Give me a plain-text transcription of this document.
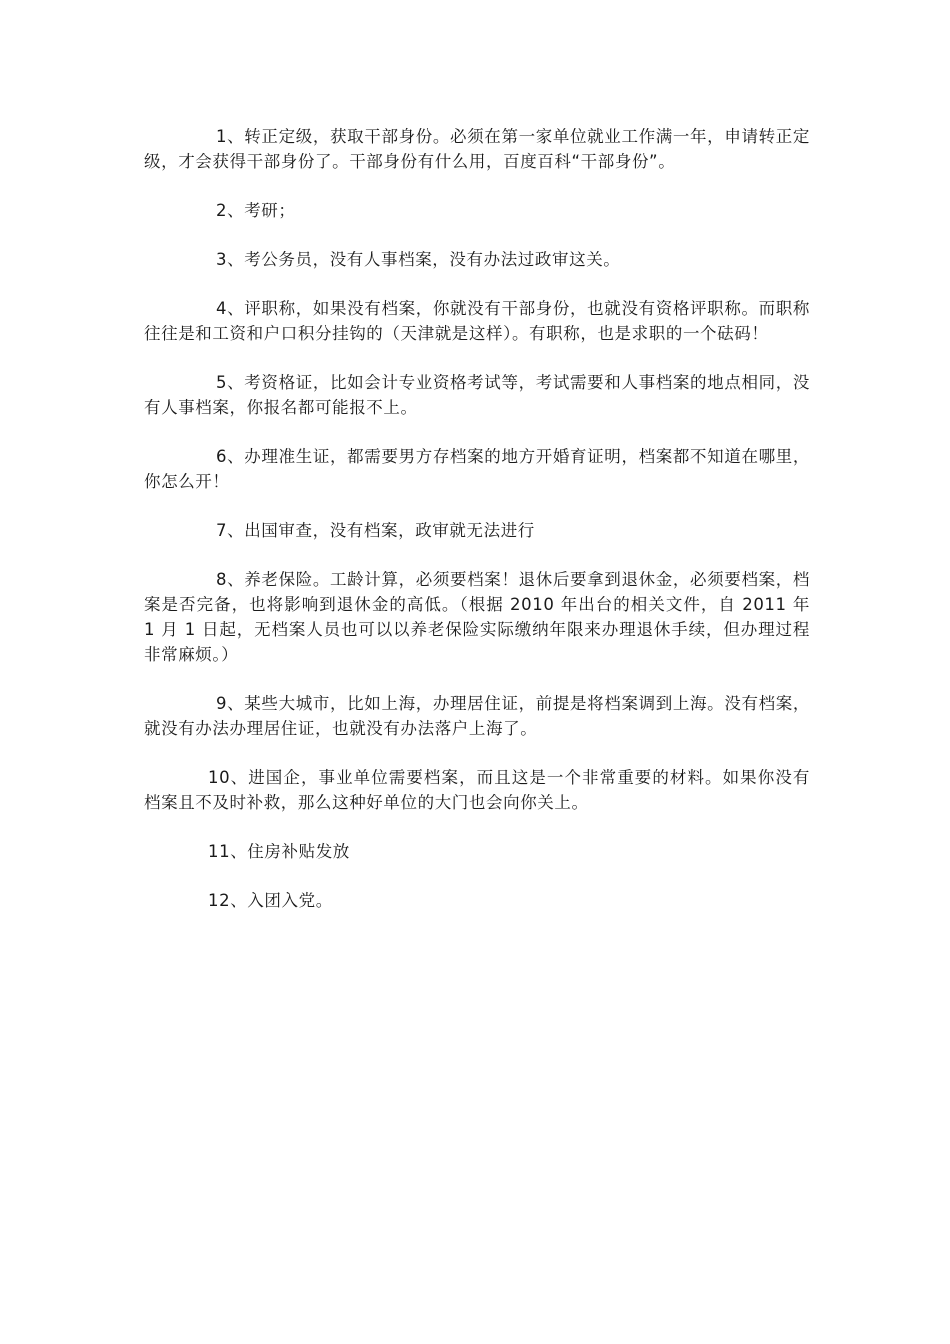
1、转正定级，获取干部身份。必须在第一家单位就业工作满一年，申请转正定级，才会获得干部身份了。干部身份有什么用，百度百科“干部身份”。

2、考研；

3、考公务员，没有人事档案，没有办法过政审这关。

4、评职称，如果没有档案，你就没有干部身份，也就没有资格评职称。而职称往往是和工资和户口积分挂钩的（天津就是这样）。有职称，也是求职的一个砝码！

5、考资格证，比如会计专业资格考试等，考试需要和人事档案的地点相同，没有人事档案，你报名都可能报不上。

6、办理准生证，都需要男方存档案的地方开婚育证明，档案都不知道在哪里，你怎么开！

7、出国审查，没有档案，政审就无法进行

8、养老保险。工龄计算，必须要档案！退休后要拿到退休金，必须要档案，档案是否完备，也将影响到退休金的高低。（根据 2010 年出台的相关文件，自 2011 年 1 月 1 日起，无档案人员也可以以养老保险实际缴纳年限来办理退休手续，但办理过程非常麻烦。）

9、某些大城市，比如上海，办理居住证，前提是将档案调到上海。没有档案，就没有办法办理居住证，也就没有办法落户上海了。

10、进国企，事业单位需要档案，而且这是一个非常重要的材料。如果你没有档案且不及时补救，那么这种好单位的大门也会向你关上。

11、住房补贴发放

12、入团入党。
